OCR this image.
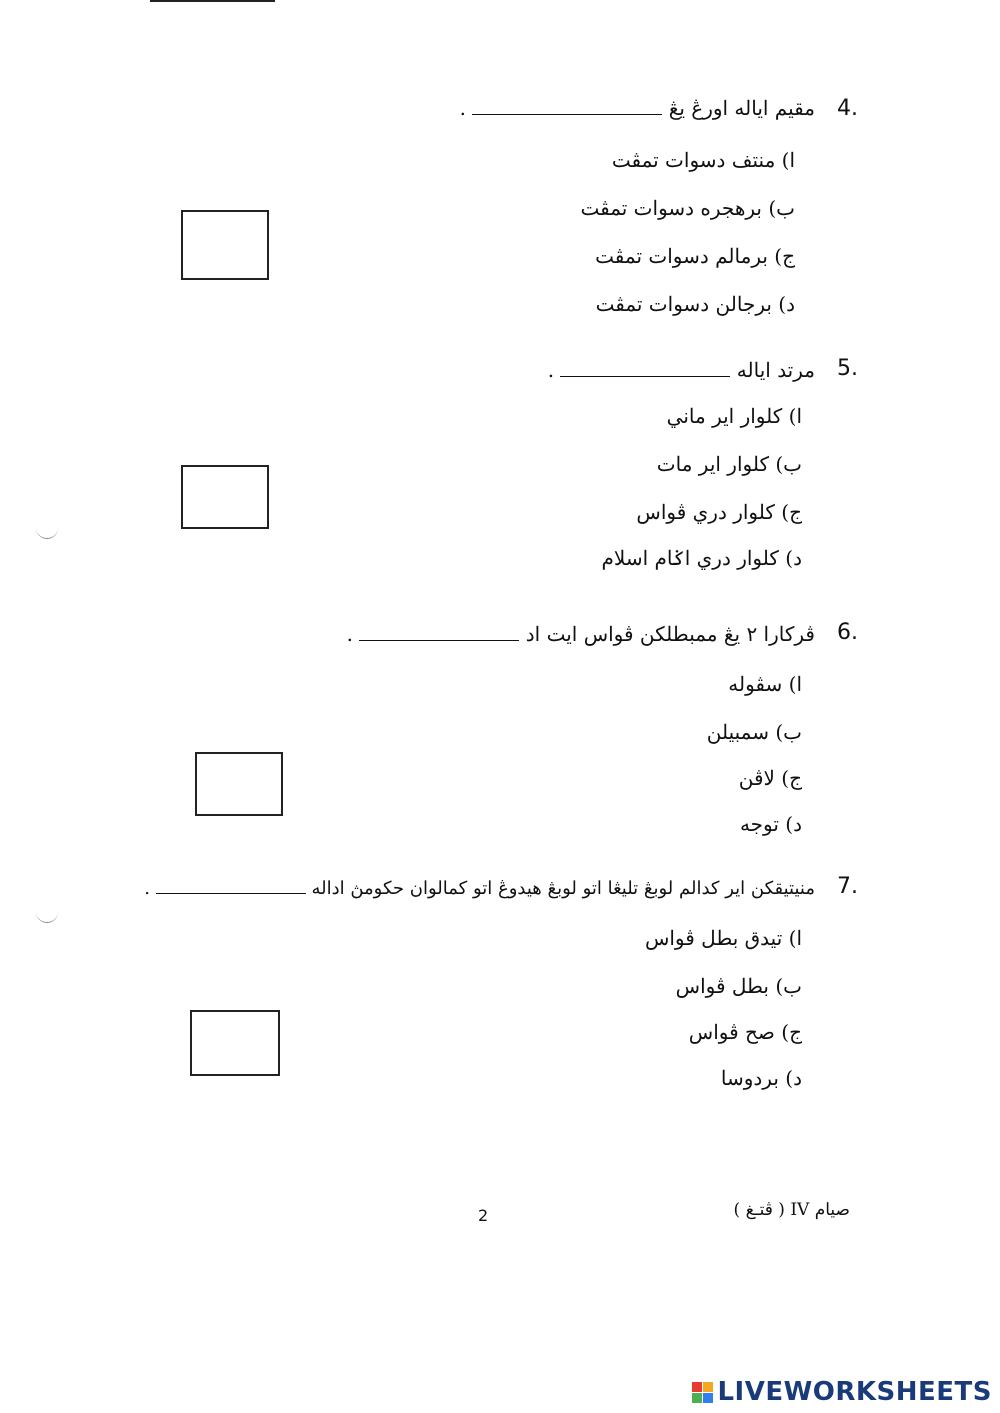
4.
مقيم اياله اورڠ يڠ  .
ا) منتف دسوات تمڤت
ب) برهجره دسوات تمڤت
ج) برمالم دسوات تمڤت
د) برجالن دسوات تمڤت
5.
مرتد اياله  .
ا) كلوار اير ماني
ب) كلوار اير مات
ج) كلوار دري ڤواس
د) كلوار دري اݢام اسلام
6.
ڤركارا ٢ يڠ ممبطلكن ڤواس ايت اد  .
ا) سڤوله
ب) سمبيلن
ج) لاڤن
د) توجه
7.
منيتيقكن اير كدالم لوبڠ تليڠا اتو لوبڠ هيدوڠ اتو كمالوان حكومڽ اداله  .
ا) تيدق بطل ڤواس
ب) بطل ڤواس
ج) صح ڤواس
د) بردوسا
صيام IV ( ڤتـغ )
2
LIVEWORKSHEETS
